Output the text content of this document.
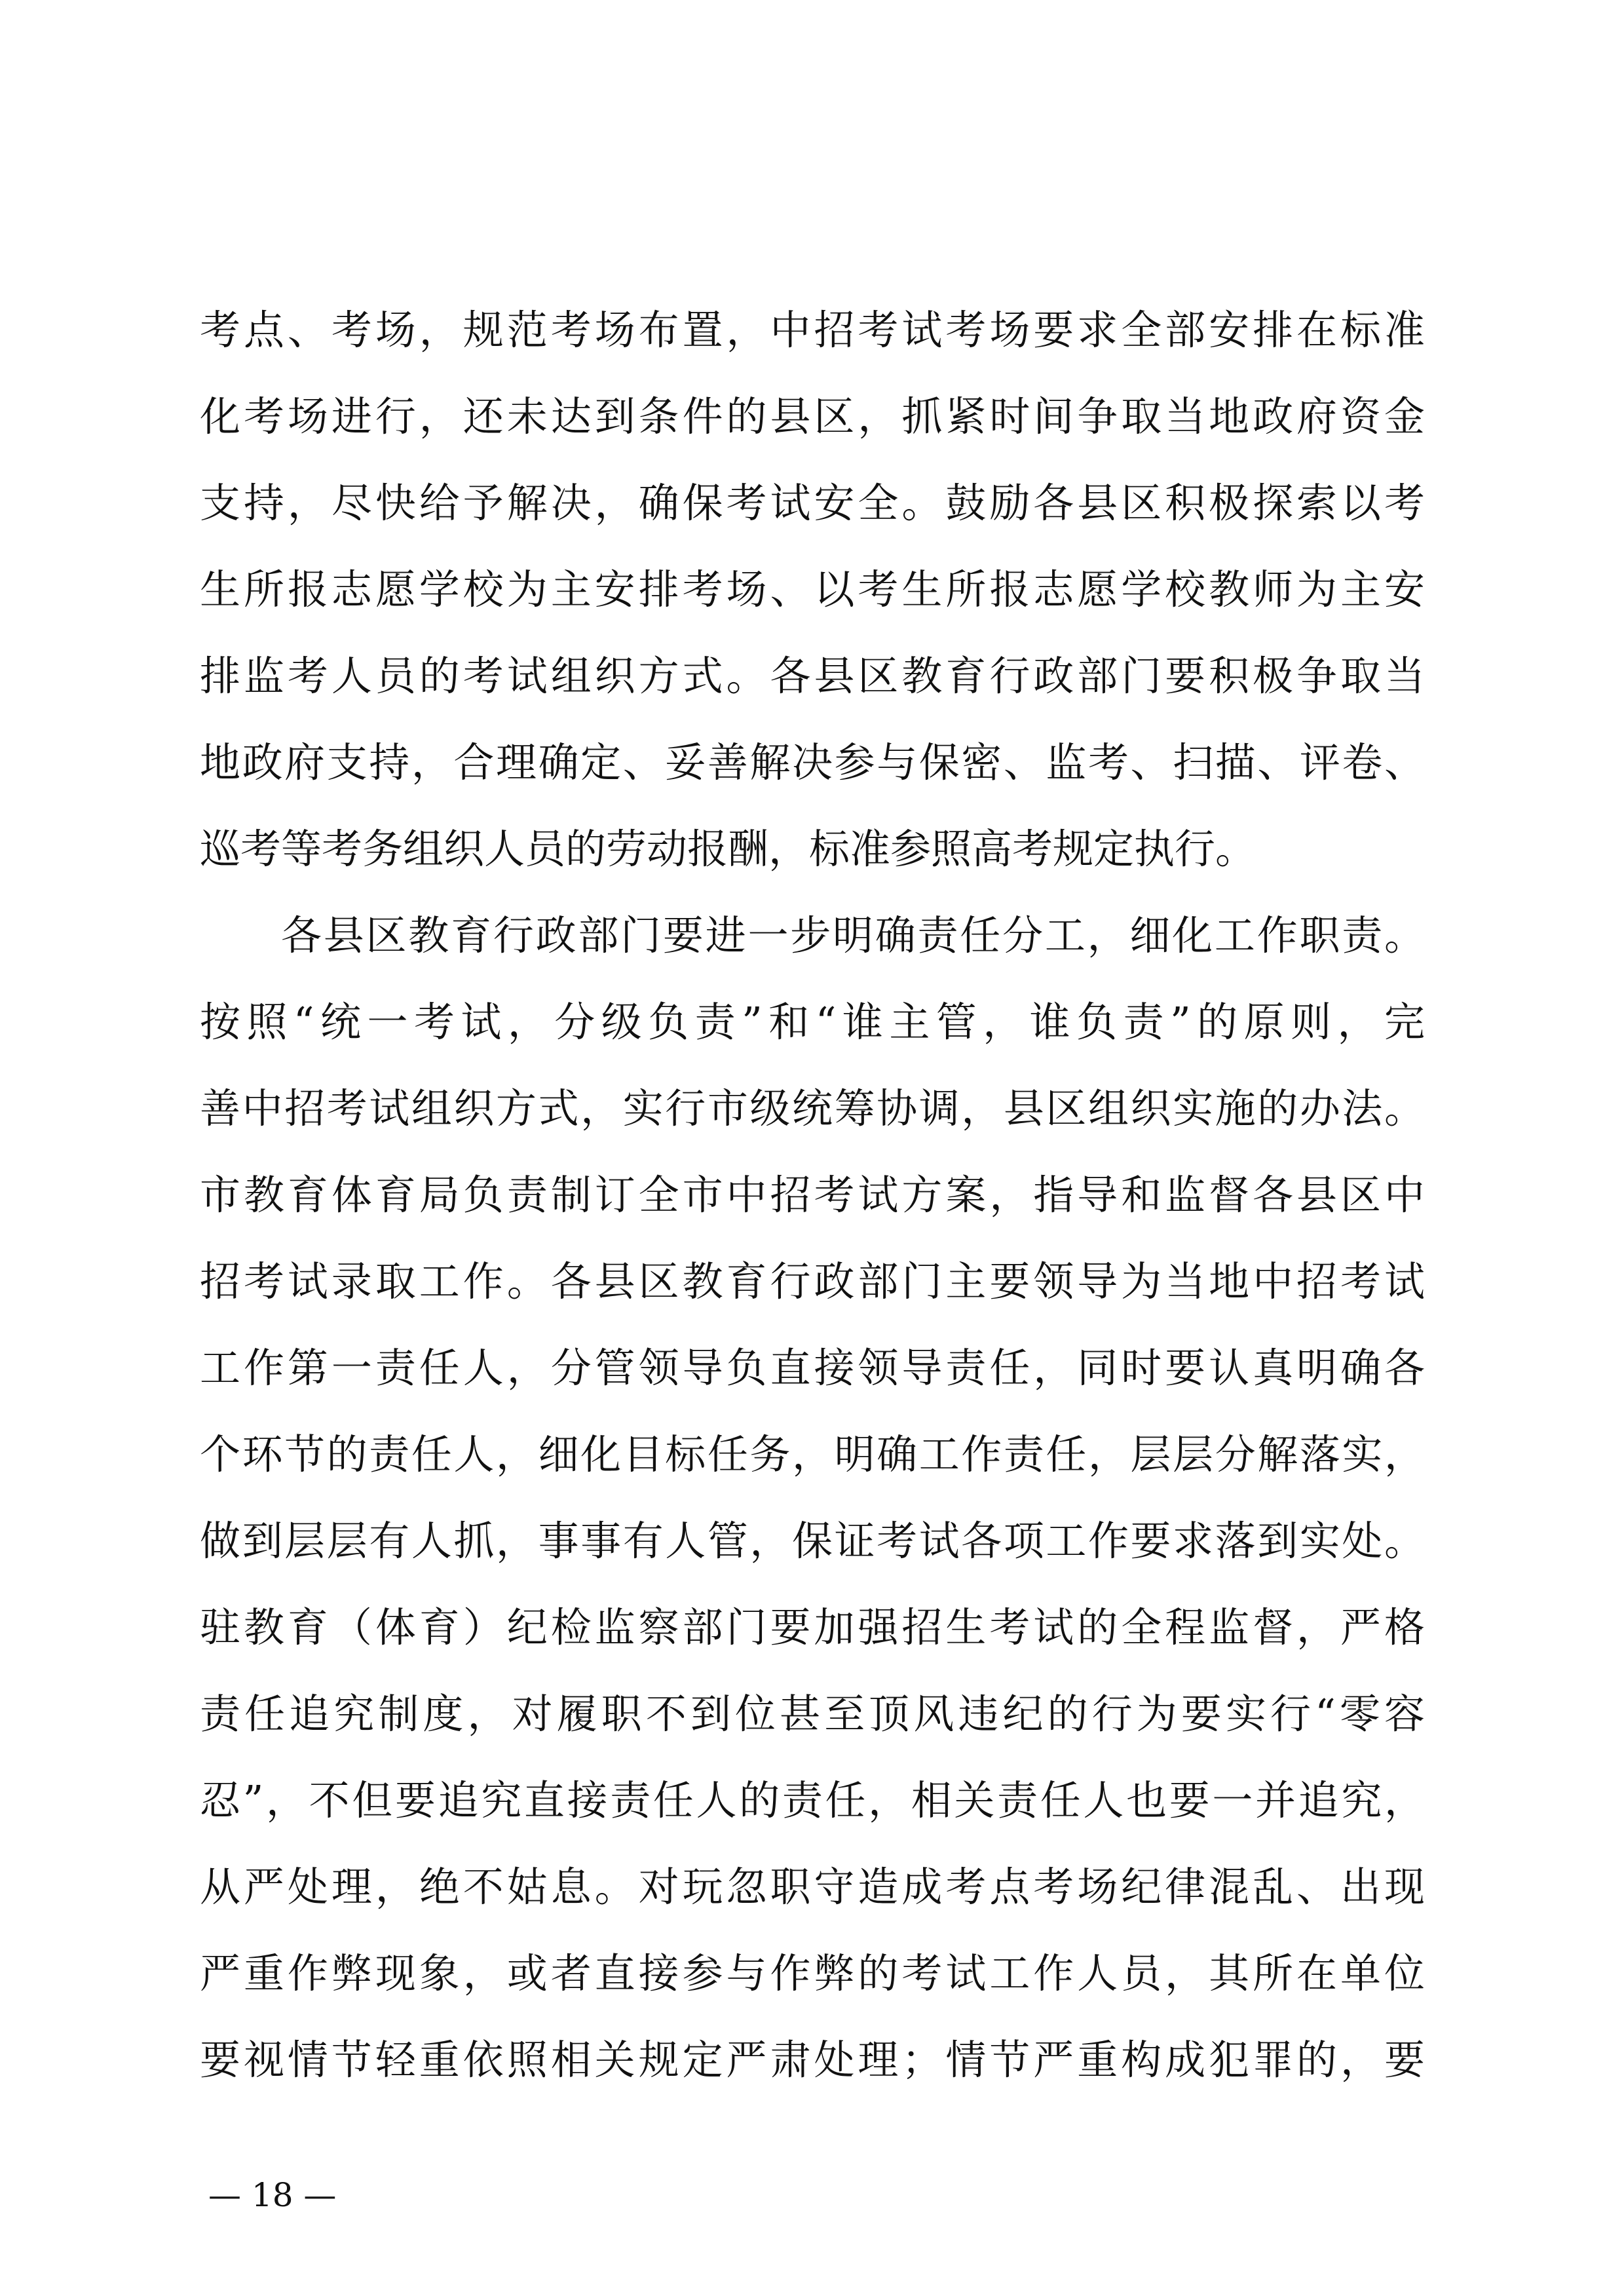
考点、考场，规范考场布置，中招考试考场要求全部安排在标准
化考场进行，还未达到条件的县区，抓紧时间争取当地政府资金
支持，尽快给予解决，确保考试安全。鼓励各县区积极探索以考
生所报志愿学校为主安排考场、以考生所报志愿学校教师为主安
排监考人员的考试组织方式。各县区教育行政部门要积极争取当
地政府支持，合理确定、妥善解决参与保密、监考、扫描、评卷、
巡考等考务组织人员的劳动报酬，标准参照高考规定执行。
各县区教育行政部门要进一步明确责任分工，细化工作职责。
按照“统一考试，分级负责”和“谁主管，谁负责”的原则，完
善中招考试组织方式，实行市级统筹协调，县区组织实施的办法。
市教育体育局负责制订全市中招考试方案，指导和监督各县区中
招考试录取工作。各县区教育行政部门主要领导为当地中招考试
工作第一责任人，分管领导负直接领导责任，同时要认真明确各
个环节的责任人，细化目标任务，明确工作责任，层层分解落实，
做到层层有人抓，事事有人管，保证考试各项工作要求落到实处。
驻教育（体育）纪检监察部门要加强招生考试的全程监督，严格
责任追究制度，对履职不到位甚至顶风违纪的行为要实行“零容
忍”，不但要追究直接责任人的责任，相关责任人也要一并追究，
从严处理，绝不姑息。对玩忽职守造成考点考场纪律混乱、出现
严重作弊现象，或者直接参与作弊的考试工作人员，其所在单位
要视情节轻重依照相关规定严肃处理；情节严重构成犯罪的，要
— 18 —
